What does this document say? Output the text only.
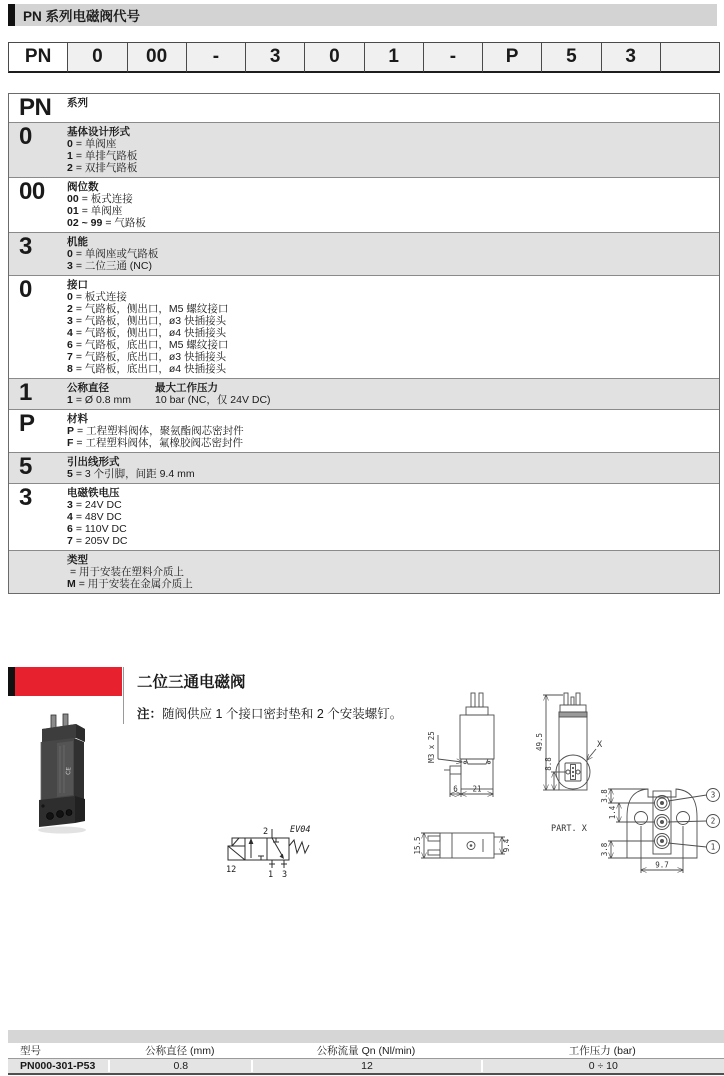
PN 系列电磁阀代号
PN 0 00 -	3	0	1	-	P	5	3
PN	系列
0	基体设计形式
0 = 单阀座
1 = 单排气路板
2 = 双排气路板
00	阀位数
00 = 板式连接
01 = 单阀座
02 ~ 99 = 气路板
3	机能
0 = 单阀座或气路板
3 = 二位三通 (NC)
0	接口
0 = 板式连接
2 = 气路板，侧出口，M5 螺纹接口
3 = 气路板，侧出口，ø3 快插接头
4 = 气路板，侧出口，ø4 快插接头
6 = 气路板，底出口，M5 螺纹接口
7 = 气路板，底出口，ø3 快插接头
8 = 气路板，底出口，ø4 快插接头
1	公称直径
1 = Ø 0.8 mm
最大工作压力
10 bar (NC，仅 24V DC)
P	材料
P = 工程塑料阀体，聚氨酯阀芯密封件
F = 工程塑料阀体，氟橡胶阀芯密封件
5	引出线形式
5 = 3 个引脚，间距 9.4 mm
3	电磁铁电压
3 = 24V DC
4 = 48V DC
6 = 110V DC
7 = 205V DC
类型
= 用于安装在塑料介质上
M = 用于安装在金属介质上
二位三通电磁阀
注：随阀供应 1 个接口密封垫和 2 个安装螺钉。
CE
2
12	1 3
EV04
M3 x 25
6 21
49.5
8.8
X
15.5	9.4
PART. X
3
2
1
3.8
1.4
3.8
9.7
型号	公称直径 (mm)	公称流量 Qn (Nl/min)	工作压力 (bar)
PN000-301-P53	0.8	12	0 ÷ 10
